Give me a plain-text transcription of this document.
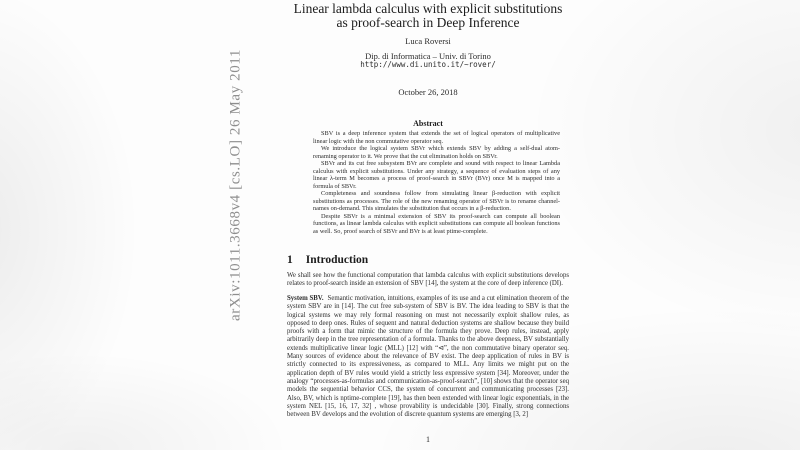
arXiv:1011.3668v4 [cs.LO] 26 May 2011
Linear lambda calculus with explicit substitutions
as proof-search in Deep Inference
Luca Roversi
Dip. di Informatica – Univ. di Torino
http://www.di.unito.it/~rover/
October 26, 2018
Abstract

SBV is a deep inference system that extends the set of logical operators of multiplicative linear logic with the non commutative operator seq.

We introduce the logical system SBVr which extends SBV by adding a self-dual atom-renaming operator to it. We prove that the cut elimination holds on SBVr.

SBVr and its cut free subsystem BVr are complete and sound with respect to linear Lambda calculus with explicit substitutions. Under any strategy, a sequence of evaluation steps of any linear λ-term M becomes a process of proof-search in SBVr (BVr) once M is mapped into a formula of SBVr.

Completeness and soundness follow from simulating linear β-reduction with explicit substitutions as processes. The role of the new renaming operator of SBVr is to rename channel-names on-demand. This simulates the substitution that occurs in a β-reduction.

Despite SBVr is a minimal extension of SBV its proof-search can compute all boolean functions, as linear lambda calculus with explicit substitutions can compute all boolean functions as well. So, proof search of SBVr and BVr is at least ptime-complete.

1 Introduction

We shall see how the functional computation that lambda calculus with explicit substitutions develops relates to proof-search inside an extension of SBV [14], the system at the core of deep inference (DI).

System SBV. Semantic motivation, intuitions, examples of its use and a cut elimination theorem of the system SBV are in [14]. The cut free sub-system of SBV is BV. The idea leading to SBV is that the logical systems we may rely formal reasoning on must not necessarily exploit shallow rules, as opposed to deep ones. Rules of sequent and natural deduction systems are shallow because they build proofs with a form that mimic the structure of the formula they prove. Deep rules, instead, apply arbitrarily deep in the tree representation of a formula. Thanks to the above deepness, BV substantially extends multiplicative linear logic (MLL) [12] with “⊲”, the non commutative binary operator seq. Many sources of evidence about the relevance of BV exist. The deep application of rules in BV is strictly connected to its expressiveness, as compared to MLL. Any limits we might put on the application depth of BV rules would yield a strictly less expressive system [34]. Moreover, under the analogy “processes-as-formulas and communication-as-proof-search”, [10] shows that the operator seq models the sequential behavior CCS, the system of concurrent and communicating processes [23]. Also, BV, which is nptime-complete [19], has then been extended with linear logic exponentials, in the system NEL [15, 16, 17, 32] , whose provability is undecidable [30]. Finally, strong connections between BV develops and the evolution of discrete quantum systems are emerging [3, 2]

1
